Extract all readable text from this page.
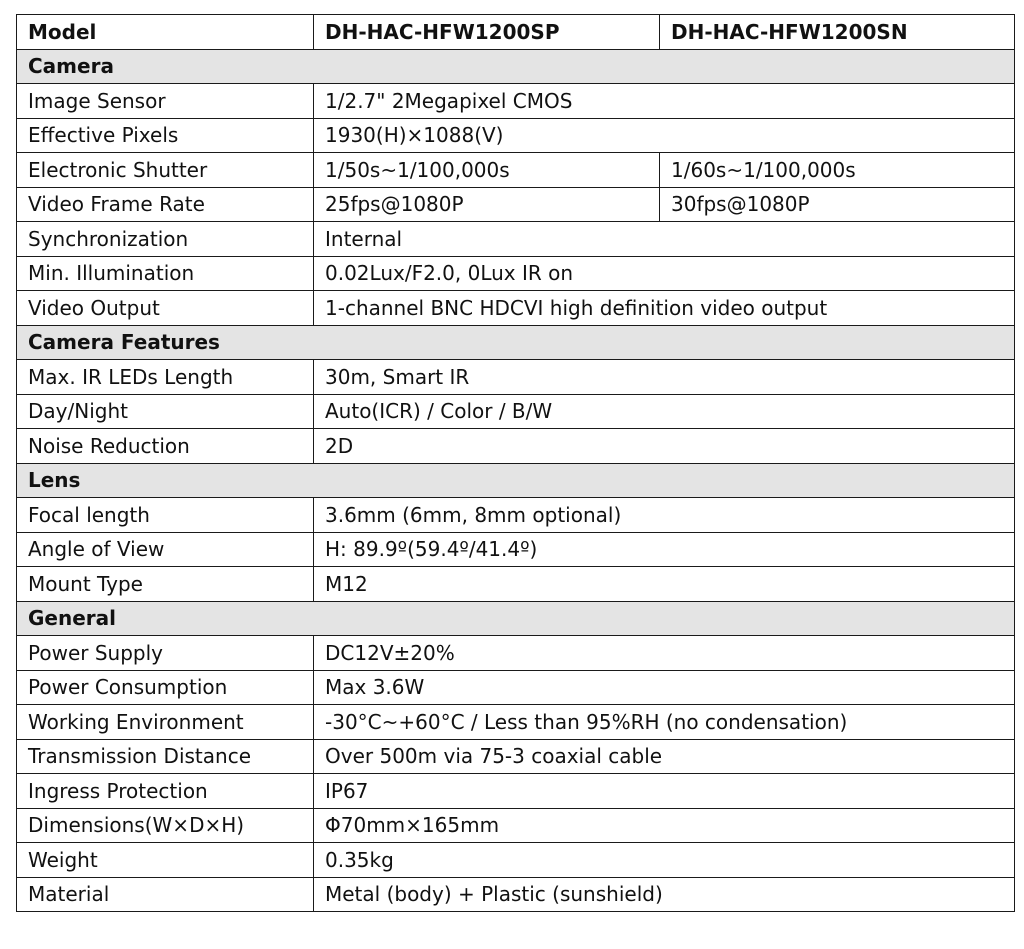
Model	DH-HAC-HFW1200SP	DH-HAC-HFW1200SN
Camera		
Image Sensor	1/2.7" 2Megapixel CMOS	
Effective Pixels	1930(H)×1088(V)	
Electronic Shutter	1/50s~1/100,000s	1/60s~1/100,000s
Video Frame Rate	25fps@1080P	30fps@1080P
Synchronization	Internal	
Min. Illumination	0.02Lux/F2.0, 0Lux IR on	
Video Output	1-channel BNC HDCVI high definition video output	
Camera Features		
Max. IR LEDs Length	30m, Smart IR	
Day/Night	Auto(ICR) / Color / B/W	
Noise Reduction	2D	
Lens		
Focal length	3.6mm (6mm, 8mm optional)	
Angle of View	H: 89.9º(59.4º/41.4º)	
Mount Type	M12	
General		
Power Supply	DC12V±20%	
Power Consumption	Max 3.6W	
Working Environment	-30°C~+60°C / Less than 95%RH (no condensation)	
Transmission Distance	Over 500m via 75-3 coaxial cable	
Ingress Protection	IP67	
Dimensions(W×D×H)	Φ70mm×165mm	
Weight	0.35kg	
Material	Metal (body) + Plastic (sunshield)	
